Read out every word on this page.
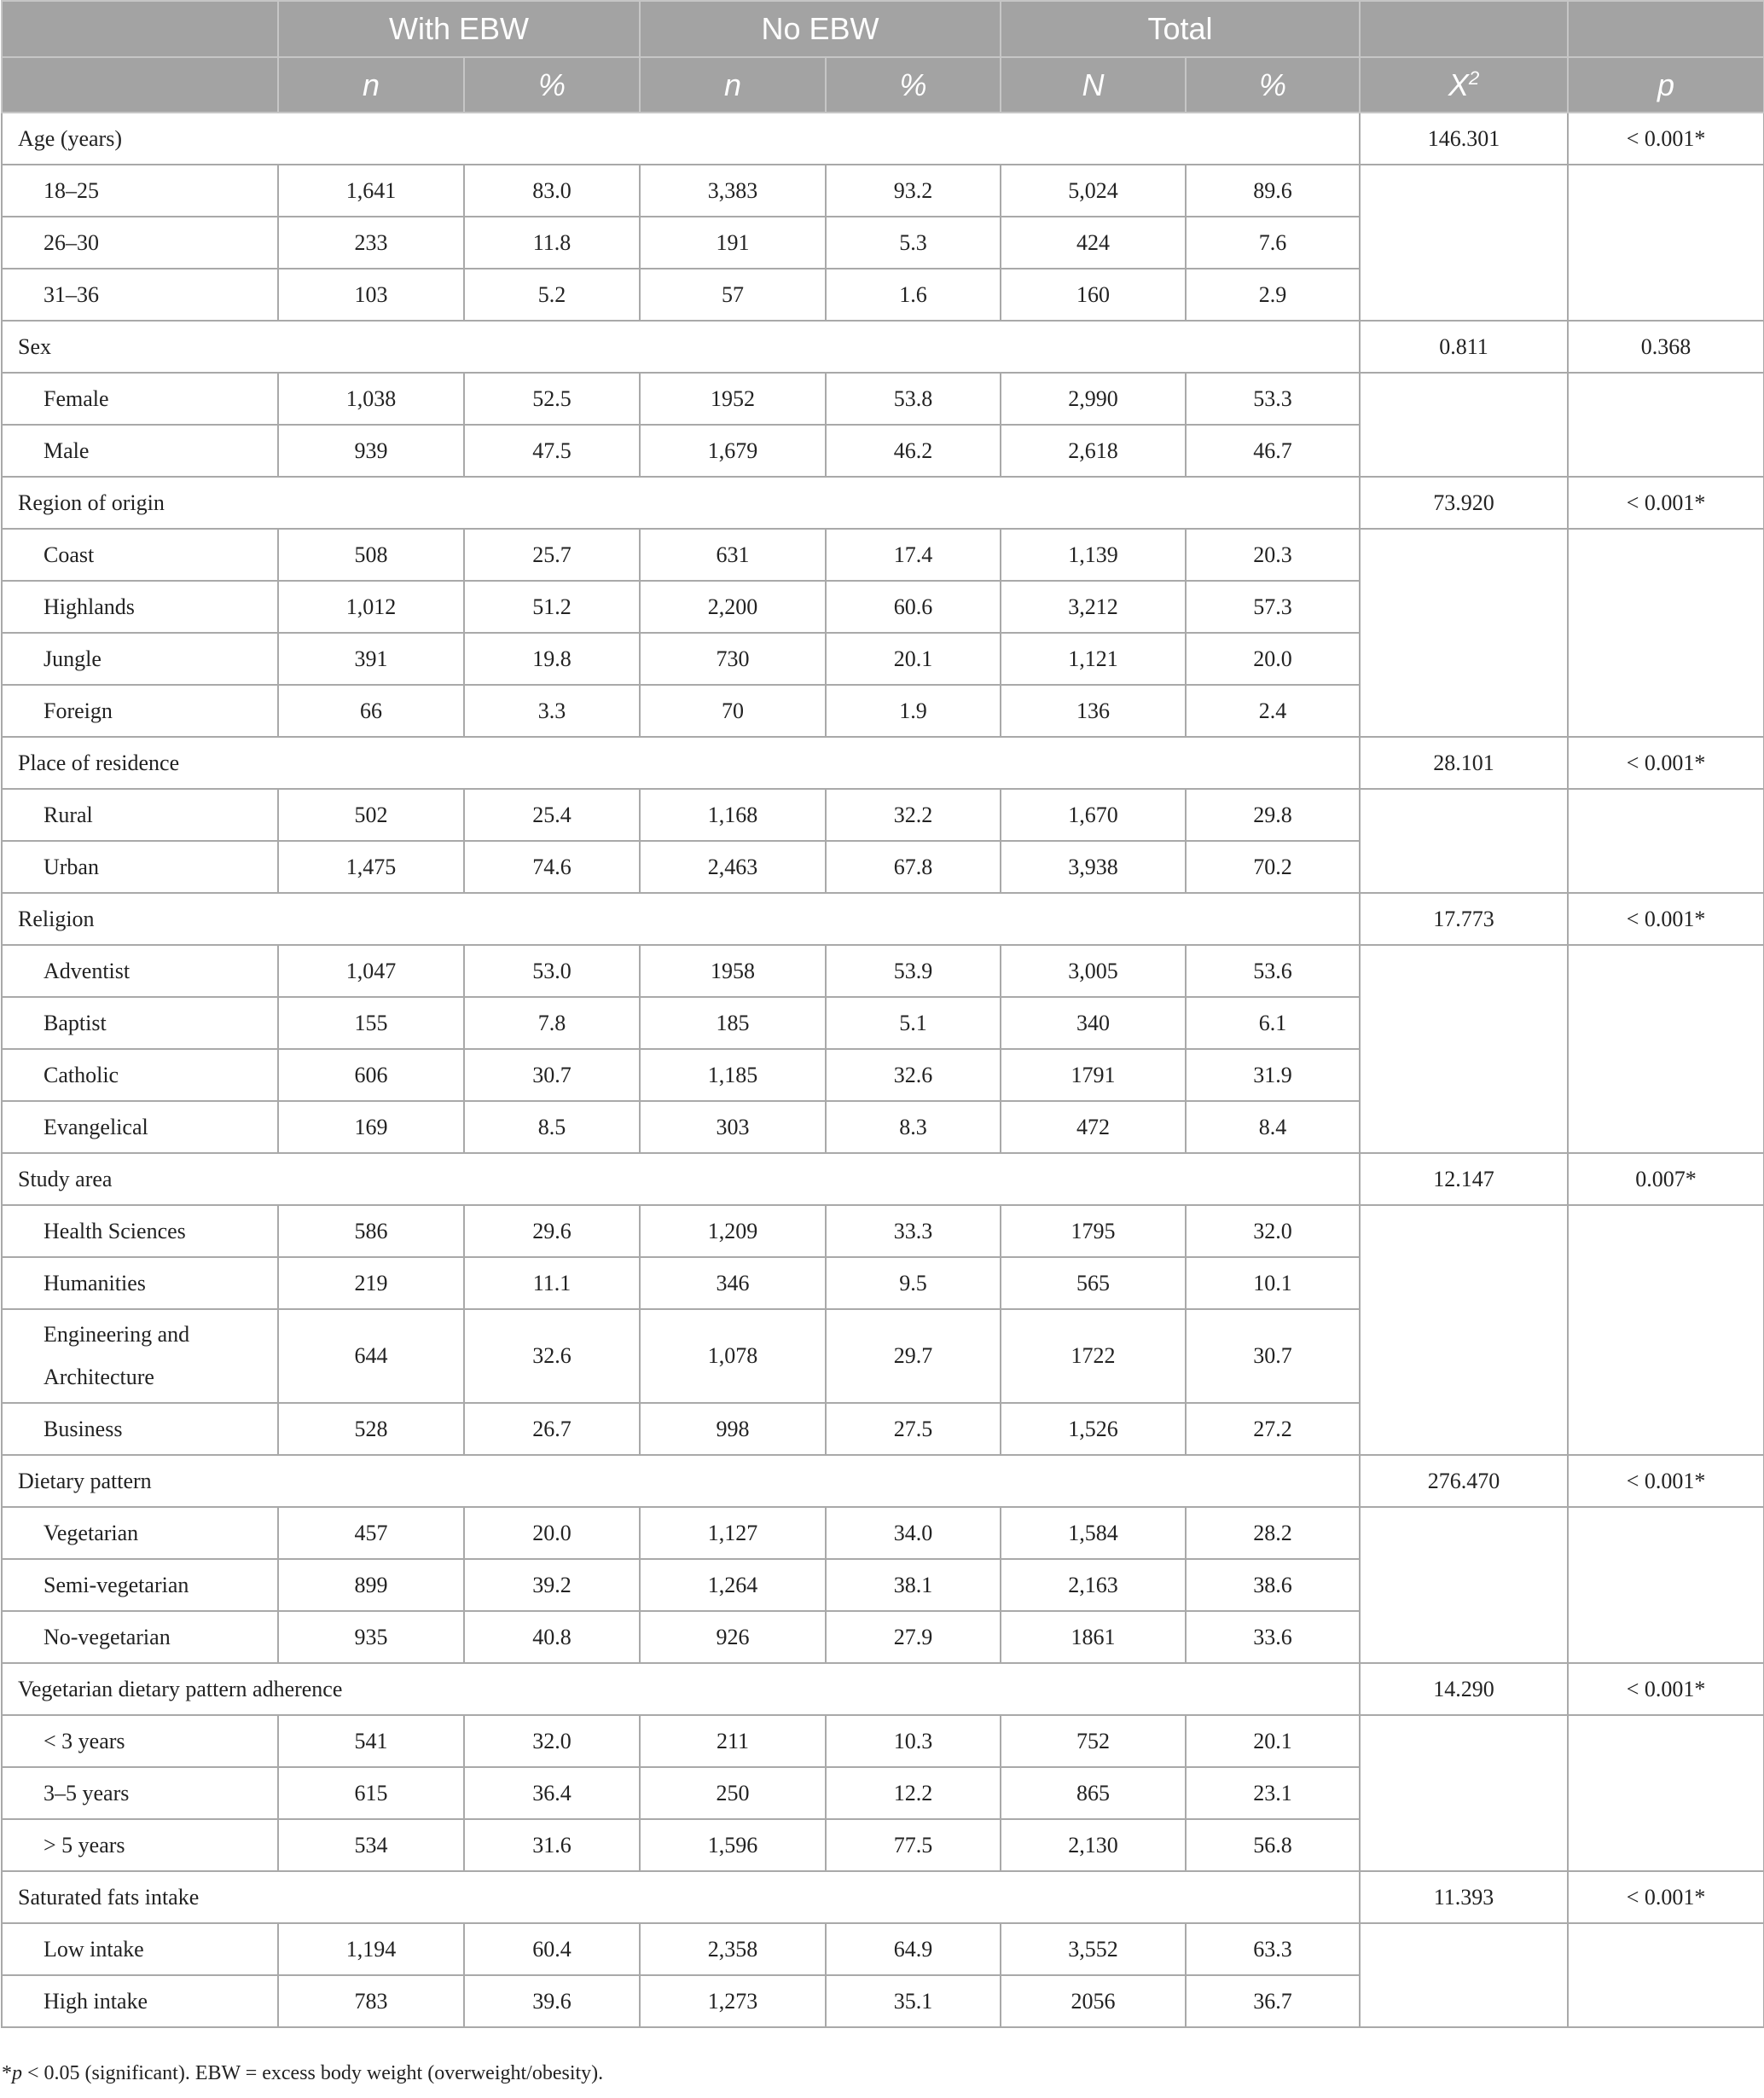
	With EBW		No EBW		Total			
	n	%	n	%	N	%	$X^2$	p
Age (years)							146.301	< 0.001*
18–25	1,641	83.0	3,383	93.2	5,024	89.6		
26–30	233	11.8	191	5.3	424	7.6		
31–36	103	5.2	57	1.6	160	2.9		
Sex							0.811	0.368
Female	1,038	52.5	1952	53.8	2,990	53.3		
Male	939	47.5	1,679	46.2	2,618	46.7		
Region of origin							73.920	< 0.001*
Coast	508	25.7	631	17.4	1,139	20.3		
Highlands	1,012	51.2	2,200	60.6	3,212	57.3		
Jungle	391	19.8	730	20.1	1,121	20.0		
Foreign	66	3.3	70	1.9	136	2.4		
Place of residence							28.101	< 0.001*
Rural	502	25.4	1,168	32.2	1,670	29.8		
Urban	1,475	74.6	2,463	67.8	3,938	70.2		
Religion							17.773	< 0.001*
Adventist	1,047	53.0	1958	53.9	3,005	53.6		
Baptist	155	7.8	185	5.1	340	6.1		
Catholic	606	30.7	1,185	32.6	1791	31.9		
Evangelical	169	8.5	303	8.3	472	8.4		
Study area							12.147	0.007*
Health Sciences	586	29.6	1,209	33.3	1795	32.0		
Humanities	219	11.1	346	9.5	565	10.1		
Engineering and Architecture	644	32.6	1,078	29.7	1722	30.7		
Business	528	26.7	998	27.5	1,526	27.2		
Dietary pattern							276.470	< 0.001*
Vegetarian	457	20.0	1,127	34.0	1,584	28.2		
Semi-vegetarian	899	39.2	1,264	38.1	2,163	38.6		
No-vegetarian	935	40.8	926	27.9	1861	33.6		
Vegetarian dietary pattern adherence							14.290	< 0.001*
< 3 years	541	32.0	211	10.3	752	20.1		
3–5 years	615	36.4	250	12.2	865	23.1		
> 5 years	534	31.6	1,596	77.5	2,130	56.8		
Saturated fats intake							11.393	< 0.001*
Low intake	1,194	60.4	2,358	64.9	3,552	63.3		
High intake	783	39.6	1,273	35.1	2056	36.7		
*p < 0.05 (significant). EBW = excess body weight (overweight/obesity).
